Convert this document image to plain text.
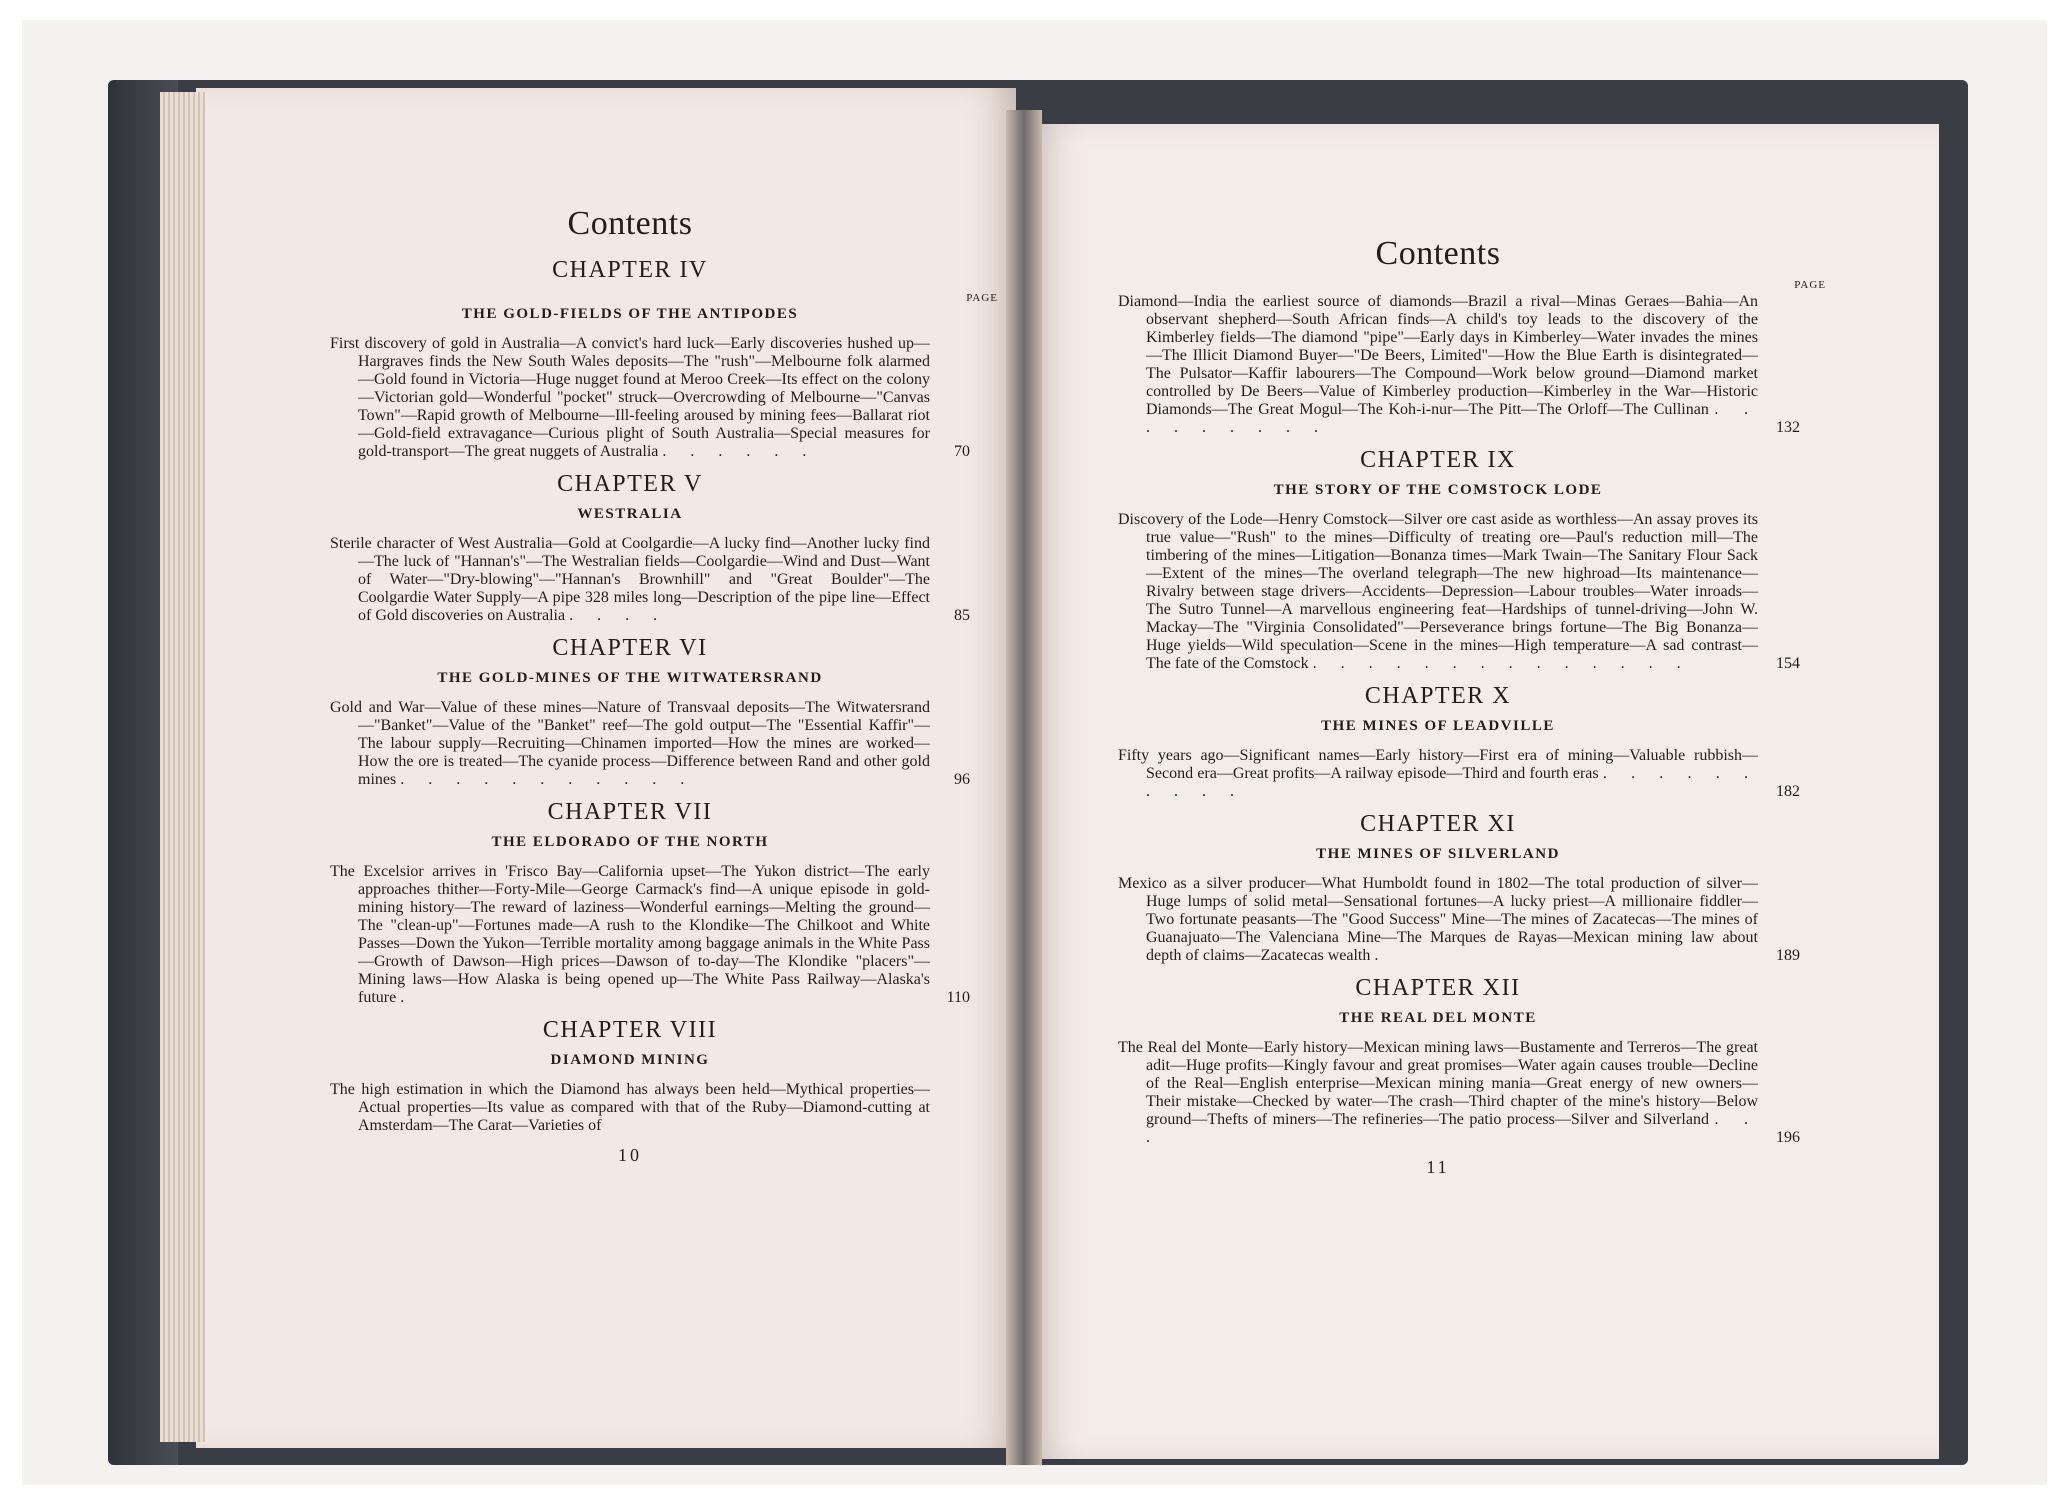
Contents
CHAPTER IV
PAGE
THE GOLD-FIELDS OF THE ANTIPODES
First discovery of gold in Australia—A convict's hard luck—Early discoveries hushed up—Hargraves finds the New South Wales deposits—The "rush"—Melbourne folk alarmed—Gold found in Victoria—Huge nugget found at Meroo Creek—Its effect on the colony—Victorian gold—Wonderful "pocket" struck—Overcrowding of Melbourne—"Canvas Town"—Rapid growth of Melbourne—Ill-feeling aroused by mining fees—Ballarat riot—Gold-field extravagance—Curious plight of South Australia—Special measures for gold-transport—The great nuggets of Australia . . . . . .	70
CHAPTER V
WESTRALIA
Sterile character of West Australia—Gold at Coolgardie—A lucky find—Another lucky find—The luck of "Hannan's"—The Westralian fields—Coolgardie—Wind and Dust—Want of Water—"Dry-blowing"—"Hannan's Brownhill" and "Great Boulder"—The Coolgardie Water Supply—A pipe 328 miles long—Description of the pipe line—Effect of Gold discoveries on Australia . . . .	85
CHAPTER VI
THE GOLD-MINES OF THE WITWATERSRAND
Gold and War—Value of these mines—Nature of Transvaal deposits—The Witwatersrand—"Banket"—Value of the "Banket" reef—The gold output—The "Essential Kaffir"—The labour supply—Recruiting—Chinamen imported—How the mines are worked—How the ore is treated—The cyanide process—Difference between Rand and other gold mines . . . . . . . . . . .	96
CHAPTER VII
THE ELDORADO OF THE NORTH
The Excelsior arrives in 'Frisco Bay—California upset—The Yukon district—The early approaches thither—Forty-Mile—George Carmack's find—A unique episode in gold-mining history—The reward of laziness—Wonderful earnings—Melting the ground—The "clean-up"—Fortunes made—A rush to the Klondike—The Chilkoot and White Passes—Down the Yukon—Terrible mortality among baggage animals in the White Pass—Growth of Dawson—High prices—Dawson of to-day—The Klondike "placers"—Mining laws—How Alaska is being opened up—The White Pass Railway—Alaska's future .	110
CHAPTER VIII
DIAMOND MINING
The high estimation in which the Diamond has always been held—Mythical properties—Actual properties—Its value as compared with that of the Ruby—Diamond-cutting at Amsterdam—The Carat—Varieties of
10
Contents
PAGE
Diamond—India the earliest source of diamonds—Brazil a rival—Minas Geraes—Bahia—An observant shepherd—South African finds—A child's toy leads to the discovery of the Kimberley fields—The diamond "pipe"—Early days in Kimberley—Water invades the mines—The Illicit Diamond Buyer—"De Beers, Limited"—How the Blue Earth is disintegrated—The Pulsator—Kaffir labourers—The Compound—Work below ground—Diamond market controlled by De Beers—Value of Kimberley production—Kimberley in the War—Historic Diamonds—The Great Mogul—The Koh-i-nur—The Pitt—The Orloff—The Cullinan . . . . . . . . .	132
CHAPTER IX
THE STORY OF THE COMSTOCK LODE
Discovery of the Lode—Henry Comstock—Silver ore cast aside as worthless—An assay proves its true value—"Rush" to the mines—Difficulty of treating ore—Paul's reduction mill—The timbering of the mines—Litigation—Bonanza times—Mark Twain—The Sanitary Flour Sack—Extent of the mines—The overland telegraph—The new highroad—Its maintenance—Rivalry between stage drivers—Accidents—Depression—Labour troubles—Water inroads—The Sutro Tunnel—A marvellous engineering feat—Hardships of tunnel-driving—John W. Mackay—The "Virginia Consolidated"—Perseverance brings fortune—The Big Bonanza—Huge yields—Wild speculation—Scene in the mines—High temperature—A sad contrast—The fate of the Comstock . . . . . . . . . . . . . .	154
CHAPTER X
THE MINES OF LEADVILLE
Fifty years ago—Significant names—Early history—First era of mining—Valuable rubbish—Second era—Great profits—A railway episode—Third and fourth eras . . . . . . . . . .	182
CHAPTER XI
THE MINES OF SILVERLAND
Mexico as a silver producer—What Humboldt found in 1802—The total production of silver—Huge lumps of solid metal—Sensational fortunes—A lucky priest—A millionaire fiddler—Two fortunate peasants—The "Good Success" Mine—The mines of Zacatecas—The mines of Guanajuato—The Valenciana Mine—The Marques de Rayas—Mexican mining law about depth of claims—Zacatecas wealth .	189
CHAPTER XII
THE REAL DEL MONTE
The Real del Monte—Early history—Mexican mining laws—Bustamente and Terreros—The great adit—Huge profits—Kingly favour and great promises—Water again causes trouble—Decline of the Real—English enterprise—Mexican mining mania—Great energy of new owners—Their mistake—Checked by water—The crash—Third chapter of the mine's history—Below ground—Thefts of miners—The refineries—The patio process—Silver and Silverland . . .	196
11
